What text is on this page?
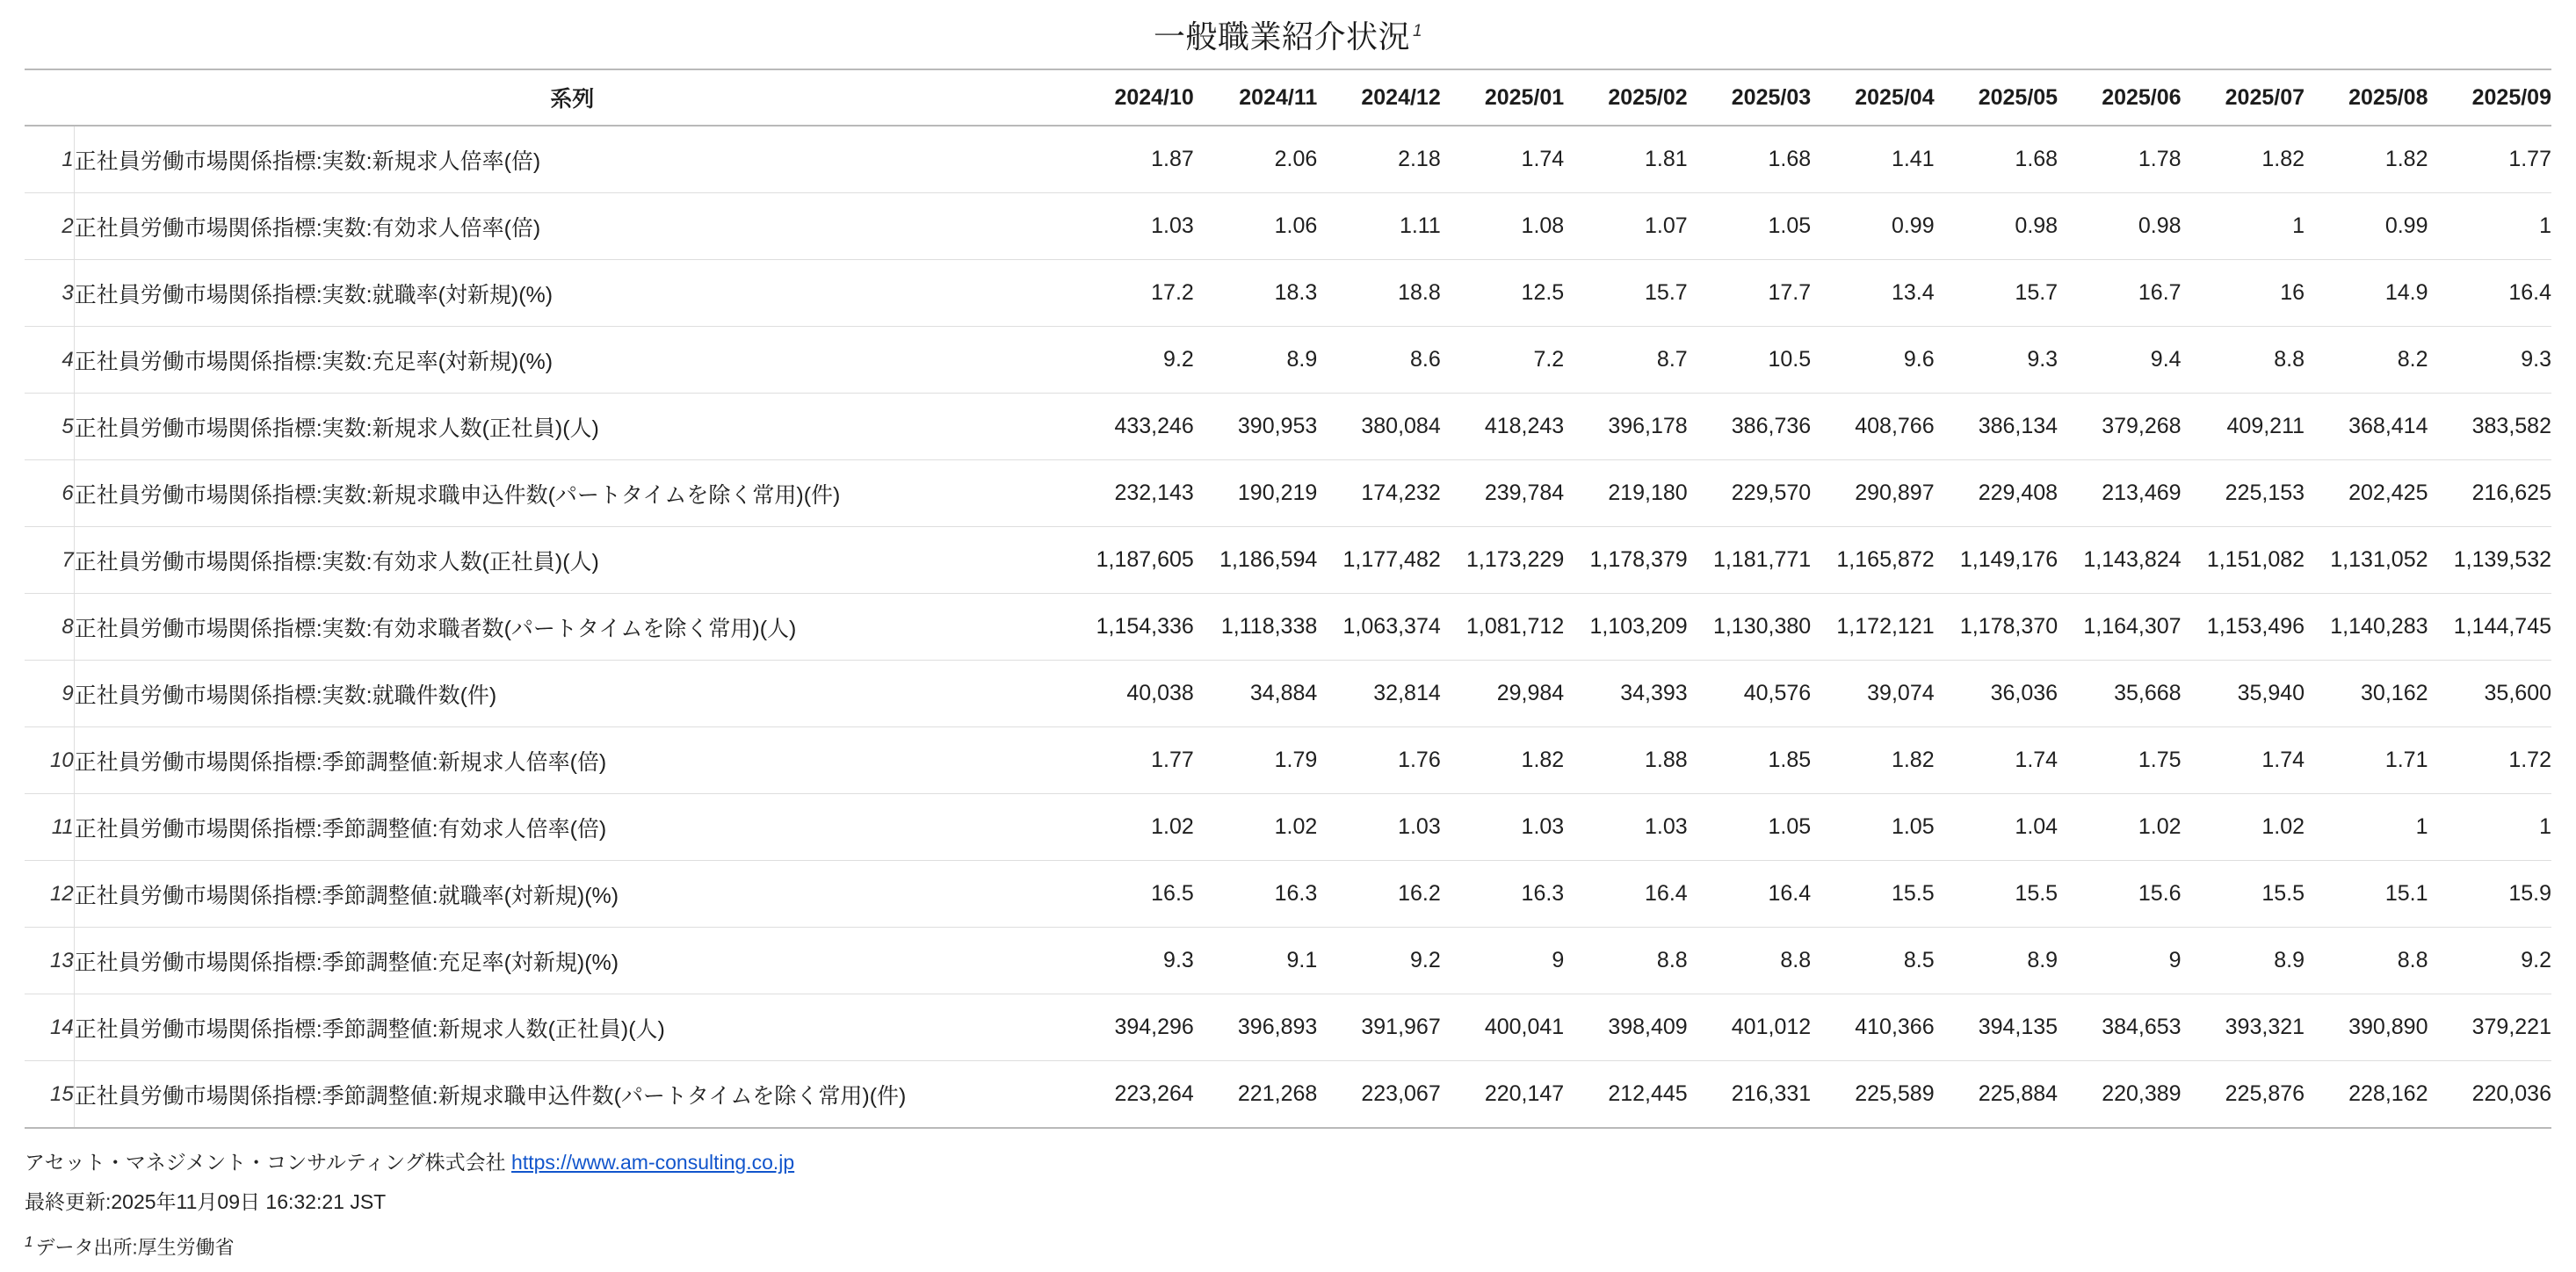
一般職業紹介状況 $^1$
	系列	2024/10	2024/11	2024/12	2025/01	2025/02	2025/03	2025/04	2025/05	2025/06	2025/07	2025/08	2025/09
1	正社員労働市場関係指標:実数:新規求人倍率(倍)	1.87	2.06	2.18	1.74	1.81	1.68	1.41	1.68	1.78	1.82	1.82	1.77
2	正社員労働市場関係指標:実数:有効求人倍率(倍)	1.03	1.06	1.11	1.08	1.07	1.05	0.99	0.98	0.98	1	0.99	1
3	正社員労働市場関係指標:実数:就職率(対新規)(%)	17.2	18.3	18.8	12.5	15.7	17.7	13.4	15.7	16.7	16	14.9	16.4
4	正社員労働市場関係指標:実数:充足率(対新規)(%)	9.2	8.9	8.6	7.2	8.7	10.5	9.6	9.3	9.4	8.8	8.2	9.3
5	正社員労働市場関係指標:実数:新規求人数(正社員)(人)	433,246	390,953	380,084	418,243	396,178	386,736	408,766	386,134	379,268	409,211	368,414	383,582
6	正社員労働市場関係指標:実数:新規求職申込件数(パートタイムを除く常用)(件)	232,143	190,219	174,232	239,784	219,180	229,570	290,897	229,408	213,469	225,153	202,425	216,625
7	正社員労働市場関係指標:実数:有効求人数(正社員)(人)	1,187,605	1,186,594	1,177,482	1,173,229	1,178,379	1,181,771	1,165,872	1,149,176	1,143,824	1,151,082	1,131,052	1,139,532
8	正社員労働市場関係指標:実数:有効求職者数(パートタイムを除く常用)(人)	1,154,336	1,118,338	1,063,374	1,081,712	1,103,209	1,130,380	1,172,121	1,178,370	1,164,307	1,153,496	1,140,283	1,144,745
9	正社員労働市場関係指標:実数:就職件数(件)	40,038	34,884	32,814	29,984	34,393	40,576	39,074	36,036	35,668	35,940	30,162	35,600
10	正社員労働市場関係指標:季節調整値:新規求人倍率(倍)	1.77	1.79	1.76	1.82	1.88	1.85	1.82	1.74	1.75	1.74	1.71	1.72
11	正社員労働市場関係指標:季節調整値:有効求人倍率(倍)	1.02	1.02	1.03	1.03	1.03	1.05	1.05	1.04	1.02	1.02	1	1
12	正社員労働市場関係指標:季節調整値:就職率(対新規)(%)	16.5	16.3	16.2	16.3	16.4	16.4	15.5	15.5	15.6	15.5	15.1	15.9
13	正社員労働市場関係指標:季節調整値:充足率(対新規)(%)	9.3	9.1	9.2	9	8.8	8.8	8.5	8.9	9	8.9	8.8	9.2
14	正社員労働市場関係指標:季節調整値:新規求人数(正社員)(人)	394,296	396,893	391,967	400,041	398,409	401,012	410,366	394,135	384,653	393,321	390,890	379,221
15	正社員労働市場関係指標:季節調整値:新規求職申込件数(パートタイムを除く常用)(件)	223,264	221,268	223,067	220,147	212,445	216,331	225,589	225,884	220,389	225,876	228,162	220,036
アセット・マネジメント・コンサルティング株式会社 https://www.am-consulting.co.jp
最終更新:2025年11月09日 16:32:21 JST
$^1$ データ出所:厚生労働省
